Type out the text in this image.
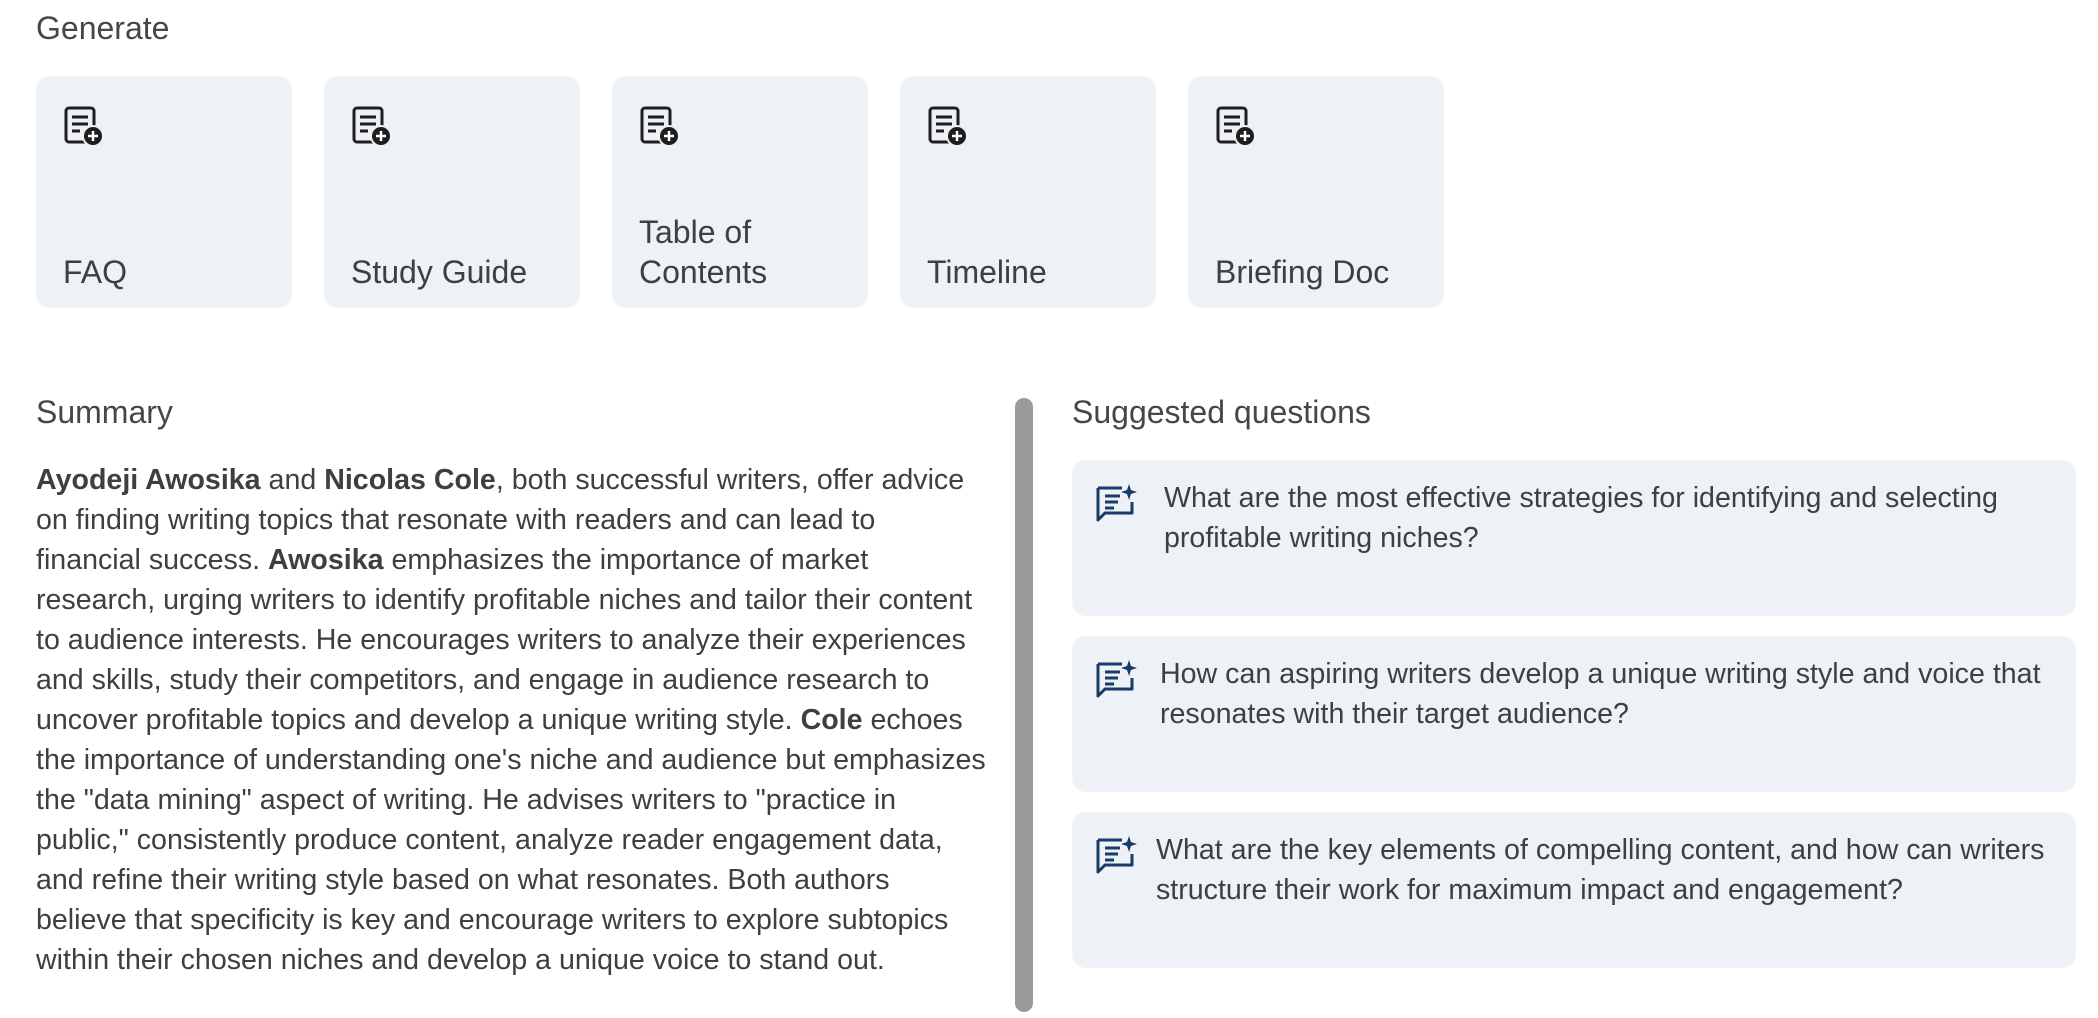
Generate
FAQ	Study Guide
Table of Contents	Timeline	Briefing Doc
Summary

Ayodeji Awosika and Nicolas Cole, both successful writers, offer advice on finding writing topics that resonate with readers and can lead to financial success. Awosika emphasizes the importance of market research, urging writers to identify profitable niches and tailor their content to audience interests. He encourages writers to analyze their experiences and skills, study their competitors, and engage in audience research to uncover profitable topics and develop a unique writing style. Cole echoes the importance of understanding one's niche and audience but emphasizes the "data mining" aspect of writing. He advises writers to "practice in public," consistently produce content, analyze reader engagement data, and refine their writing style based on what resonates. Both authors believe that specificity is key and encourage writers to explore subtopics within their chosen niches and develop a unique voice to stand out.

Suggested questions
What are the most effective strategies for identifying and selecting profitable writing niches?
How can aspiring writers develop a unique writing style and voice that resonates with their target audience?
What are the key elements of compelling content, and how can writers structure their work for maximum impact and engagement?
